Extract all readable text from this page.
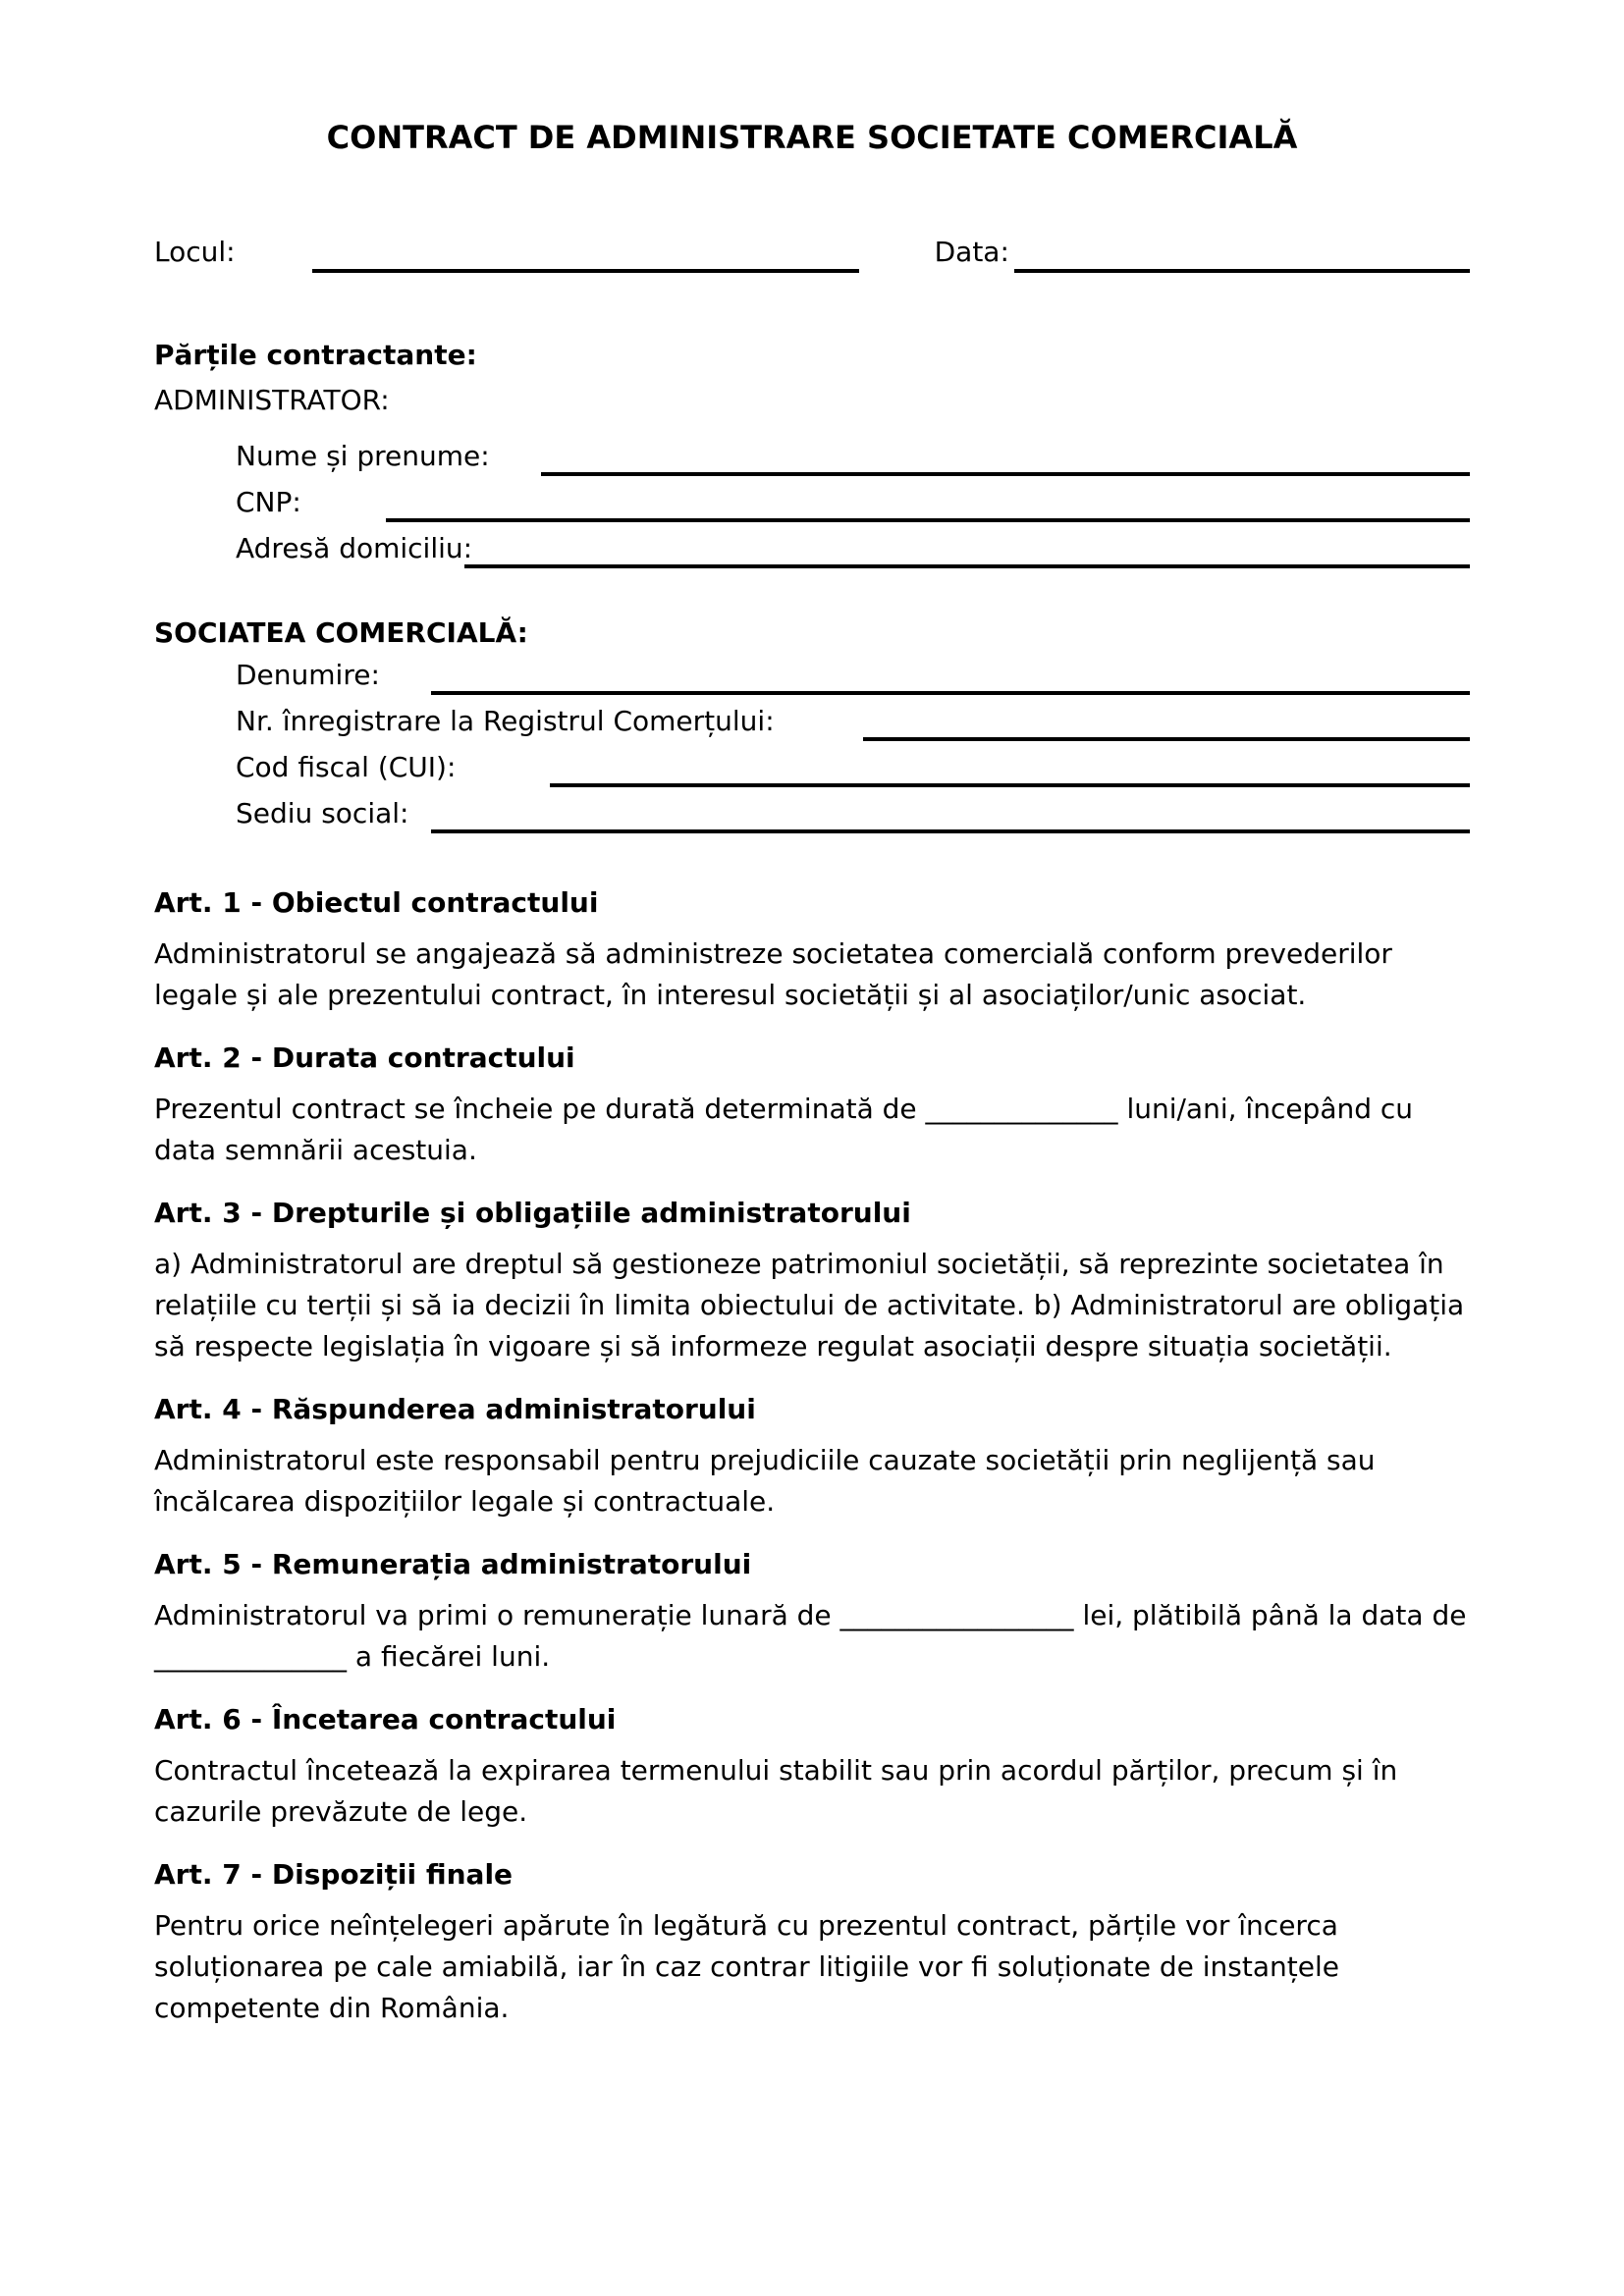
CONTRACT DE ADMINISTRARE SOCIETATE COMERCIALĂ
Locul:	Data:
Părțile contractante:

ADMINISTRATOR:

Nume și prenume:
CNP:
Adresă domiciliu:
SOCIATEA COMERCIALĂ:
Denumire:
Nr. înregistrare la Registrul Comerțului:
Cod fiscal (CUI):
Sediu social:
Art. 1 - Obiectul contractului

Administratorul se angajează să administreze societatea comercială conform prevederilor legale și ale prezentului contract, în interesul societății și al asociaților/unic asociat.

Art. 2 - Durata contractului

Prezentul contract se încheie pe durată determinată de ______________ luni/ani, începând cu data semnării acestuia.

Art. 3 - Drepturile și obligațiile administratorului

a) Administratorul are dreptul să gestioneze patrimoniul societății, să reprezinte societatea în relațiile cu terții și să ia decizii în limita obiectului de activitate. b) Administratorul are obligația să respecte legislația în vigoare și să informeze regulat asociații despre situația societății.

Art. 4 - Răspunderea administratorului

Administratorul este responsabil pentru prejudiciile cauzate societății prin neglijență sau încălcarea dispozițiilor legale și contractuale.

Art. 5 - Remunerația administratorului

Administratorul va primi o remunerație lunară de _________________ lei, plătibilă până la data de ______________ a fiecărei luni.

Art. 6 - Încetarea contractului

Contractul încetează la expirarea termenului stabilit sau prin acordul părților, precum și în cazurile prevăzute de lege.

Art. 7 - Dispoziții finale

Pentru orice neînțelegeri apărute în legătură cu prezentul contract, părțile vor încerca soluționarea pe cale amiabilă, iar în caz contrar litigiile vor fi soluționate de instanțele competente din România.
